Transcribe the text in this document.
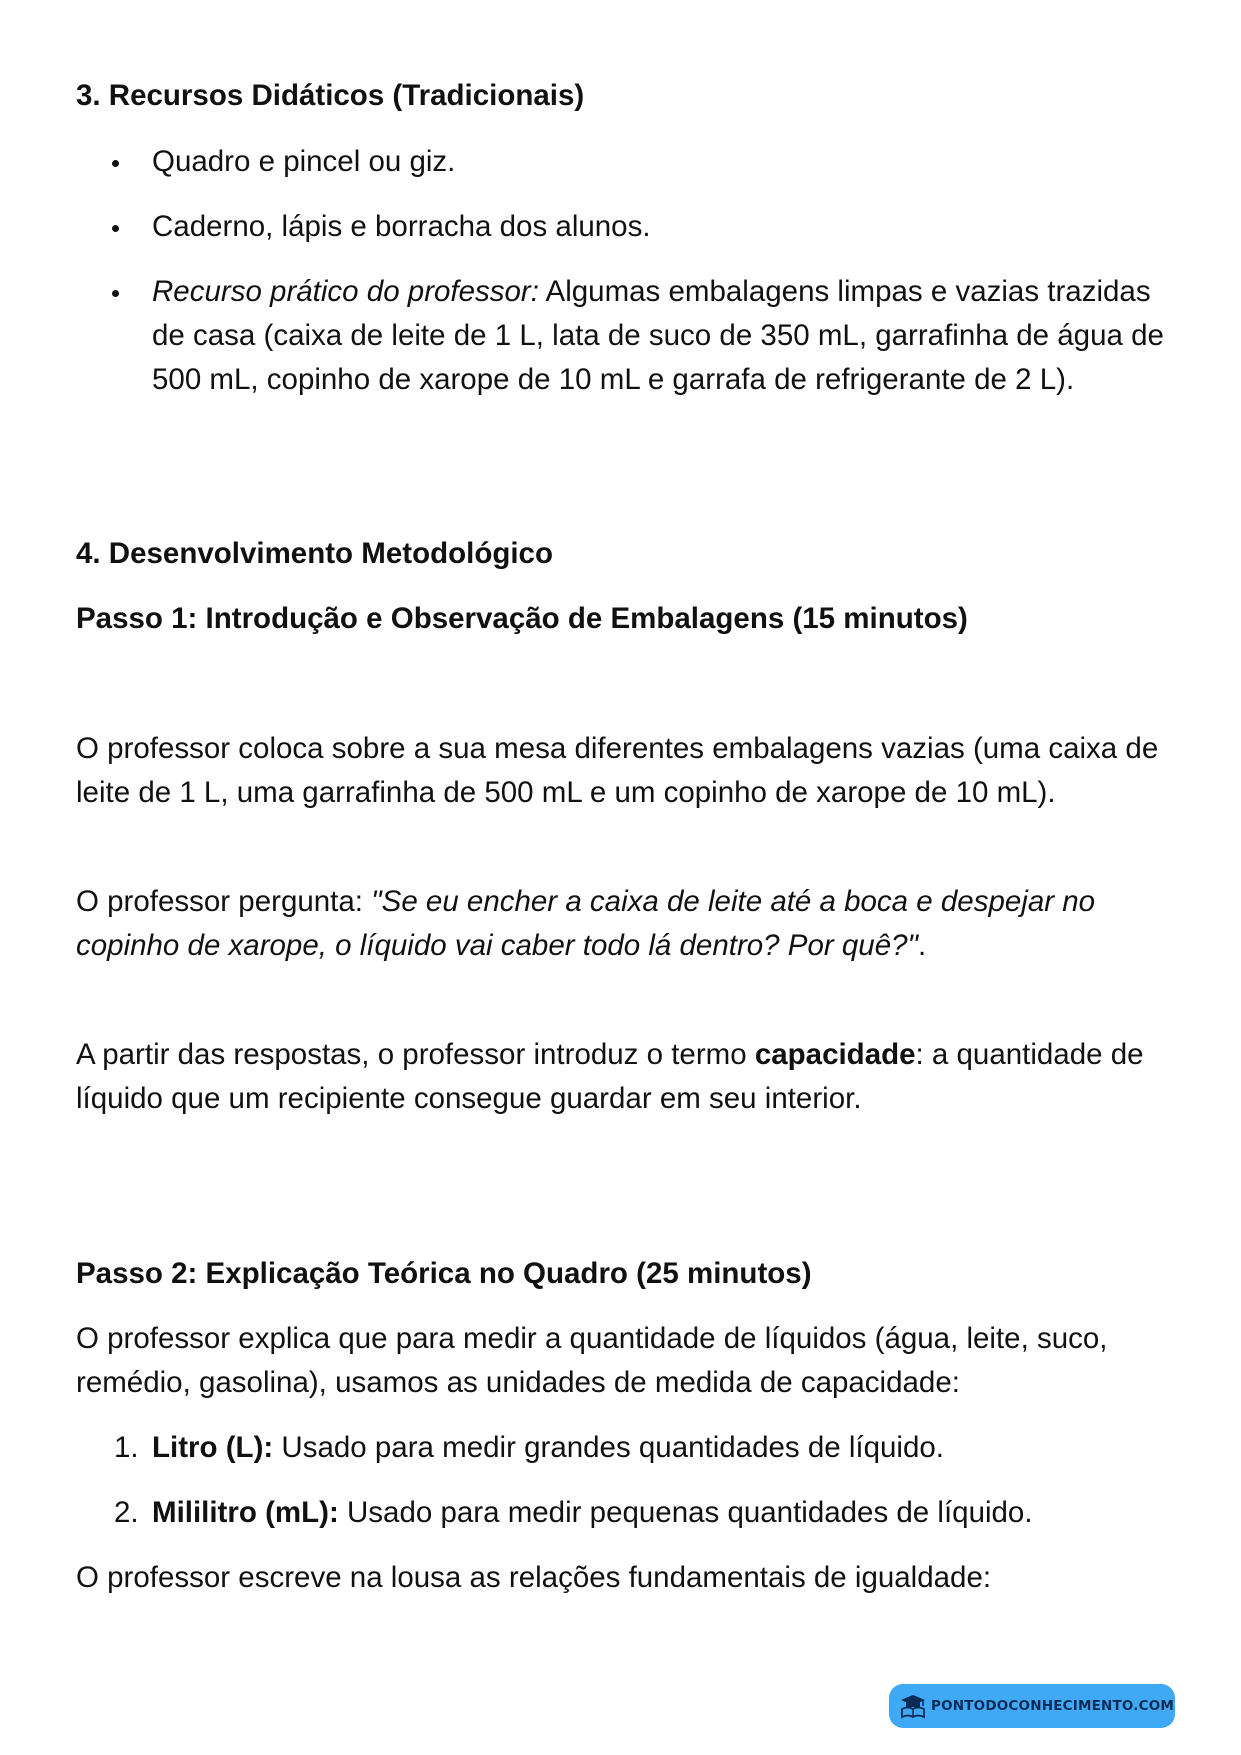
3. Recursos Didáticos (Tradicionais)

Quadro e pincel ou giz.

Caderno, lápis e borracha dos alunos.

Recurso prático do professor: Algumas embalagens limpas e vazias trazidas de casa (caixa de leite de 1 L, lata de suco de 350 mL, garrafinha de água de 500 mL, copinho de xarope de 10 mL e garrafa de refrigerante de 2 L).

4. Desenvolvimento Metodológico
Passo 1: Introdução e Observação de Embalagens (15 minutos)

O professor coloca sobre a sua mesa diferentes embalagens vazias (uma caixa de leite de 1 L, uma garrafinha de 500 mL e um copinho de xarope de 10 mL).

O professor pergunta: "Se eu encher a caixa de leite até a boca e despejar no copinho de xarope, o líquido vai caber todo lá dentro? Por quê?".

A partir das respostas, o professor introduz o termo capacidade: a quantidade de líquido que um recipiente consegue guardar em seu interior.

Passo 2: Explicação Teórica no Quadro (25 minutos)

O professor explica que para medir a quantidade de líquidos (água, leite, suco, remédio, gasolina), usamos as unidades de medida de capacidade:

1. Litro (L): Usado para medir grandes quantidades de líquido.
2. Mililitro (mL): Usado para medir pequenas quantidades de líquido.

O professor escreve na lousa as relações fundamentais de igualdade:

PONTODOCONHECIMENTO.COM
